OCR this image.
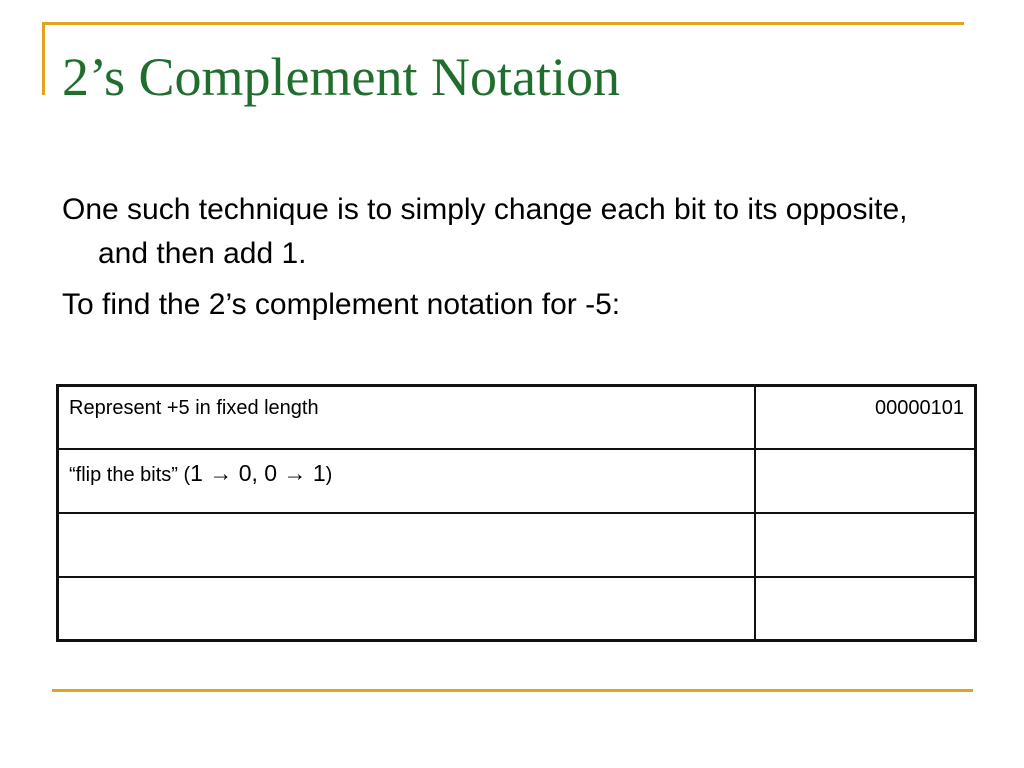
2’s Complement Notation
One such technique is to simply change each bit to its opposite, and then add 1.
To find the 2’s complement notation for -5:
Represent +5 in fixed length	00000101
“flip the bits” (1 → 0, 0 → 1)	
